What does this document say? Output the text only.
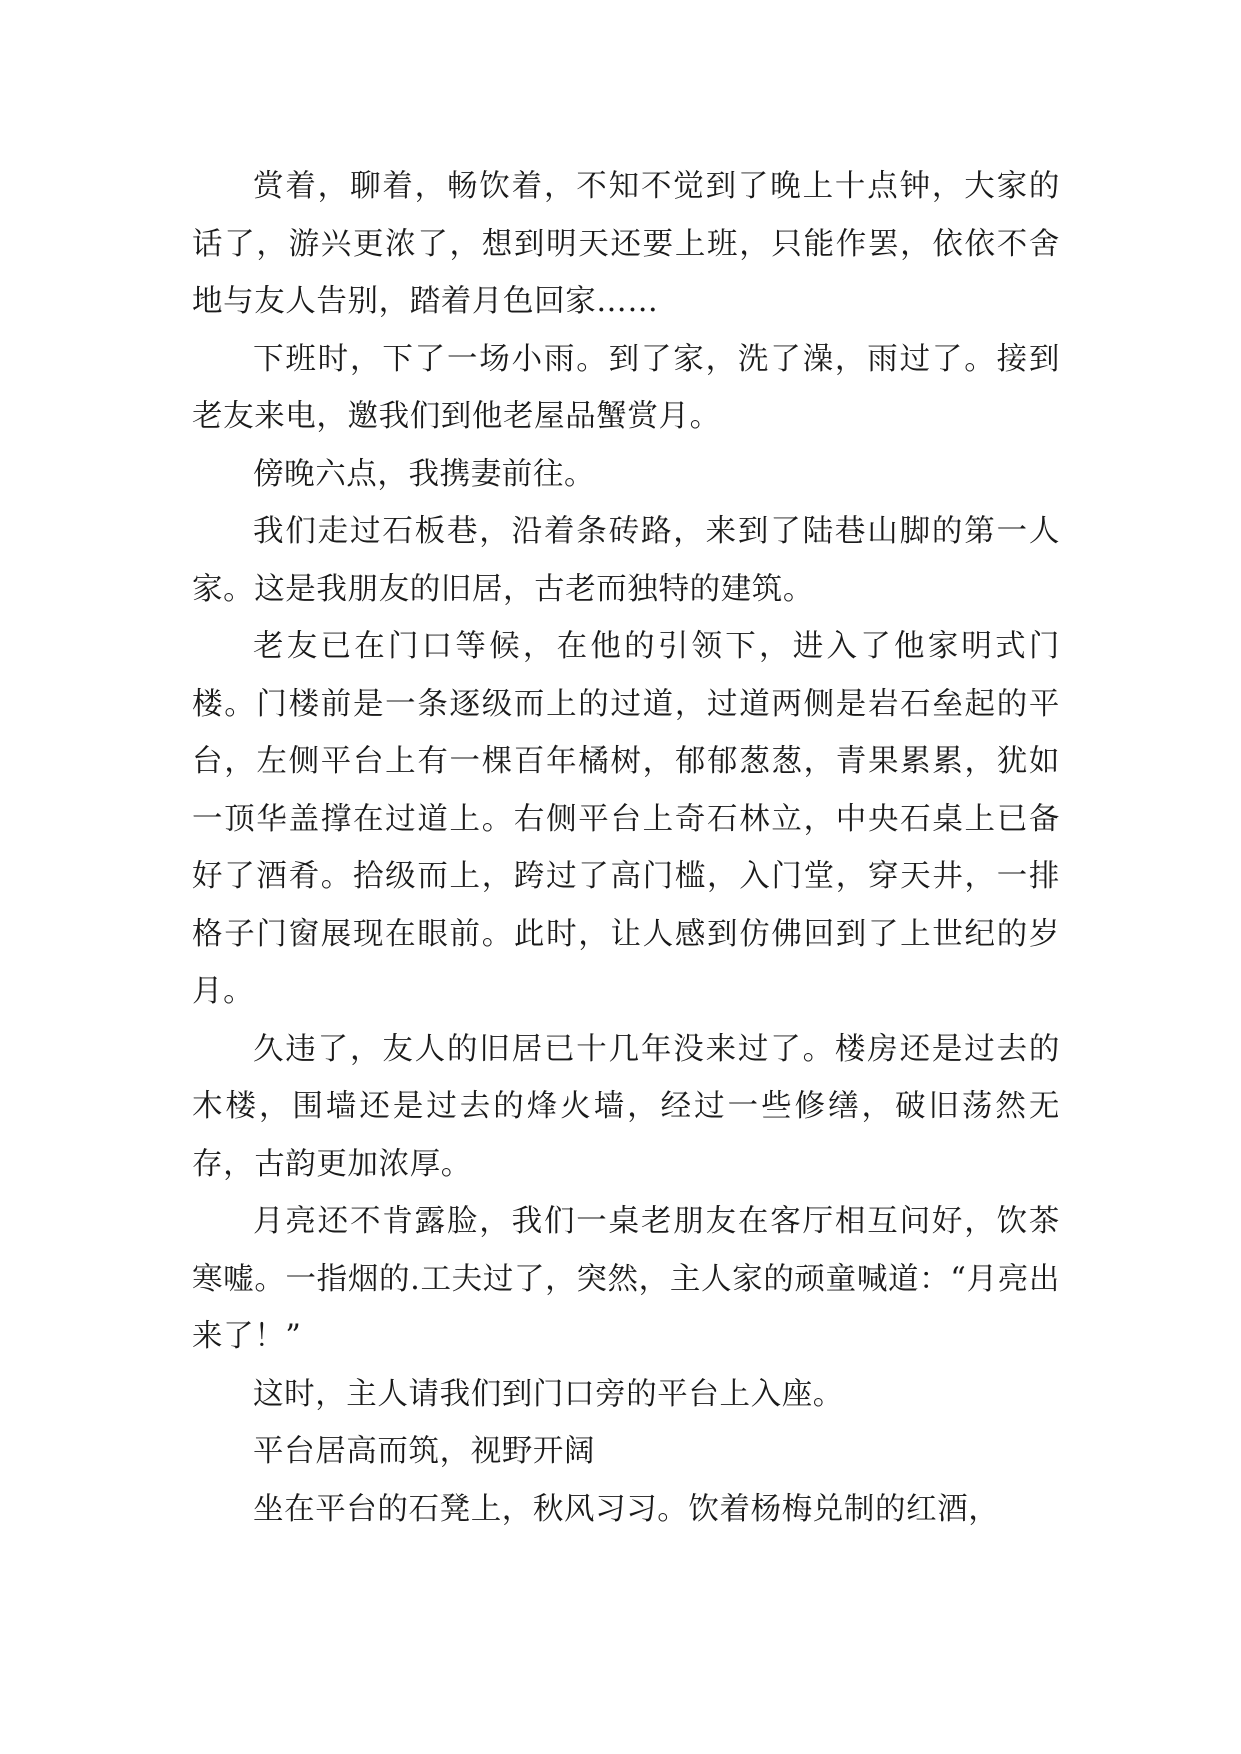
赏着，聊着，畅饮着，不知不觉到了晚上十点钟，大家的话了，游兴更浓了，想到明天还要上班，只能作罢，依依不舍地与友人告别，踏着月色回家……

下班时，下了一场小雨。到了家，洗了澡，雨过了。接到老友来电，邀我们到他老屋品蟹赏月。

傍晚六点，我携妻前往。

我们走过石板巷，沿着条砖路，来到了陆巷山脚的第一人家。这是我朋友的旧居，古老而独特的建筑。

老友已在门口等候，在他的引领下，进入了他家明式门楼。门楼前是一条逐级而上的过道，过道两侧是岩石垒起的平台，左侧平台上有一棵百年橘树，郁郁葱葱，青果累累，犹如一顶华盖撑在过道上。右侧平台上奇石林立，中央石桌上已备好了酒肴。拾级而上，跨过了高门槛，入门堂，穿天井，一排格子门窗展现在眼前。此时，让人感到仿佛回到了上世纪的岁月。

久违了，友人的旧居已十几年没来过了。楼房还是过去的木楼，围墙还是过去的烽火墙，经过一些修缮，破旧荡然无存，古韵更加浓厚。

月亮还不肯露脸，我们一桌老朋友在客厅相互问好，饮茶寒嘘。一指烟的.工夫过了，突然，主人家的顽童喊道：“月亮出来了！”

这时，主人请我们到门口旁的平台上入座。

平台居高而筑，视野开阔

坐在平台的石凳上，秋风习习。饮着杨梅兑制的红酒，
